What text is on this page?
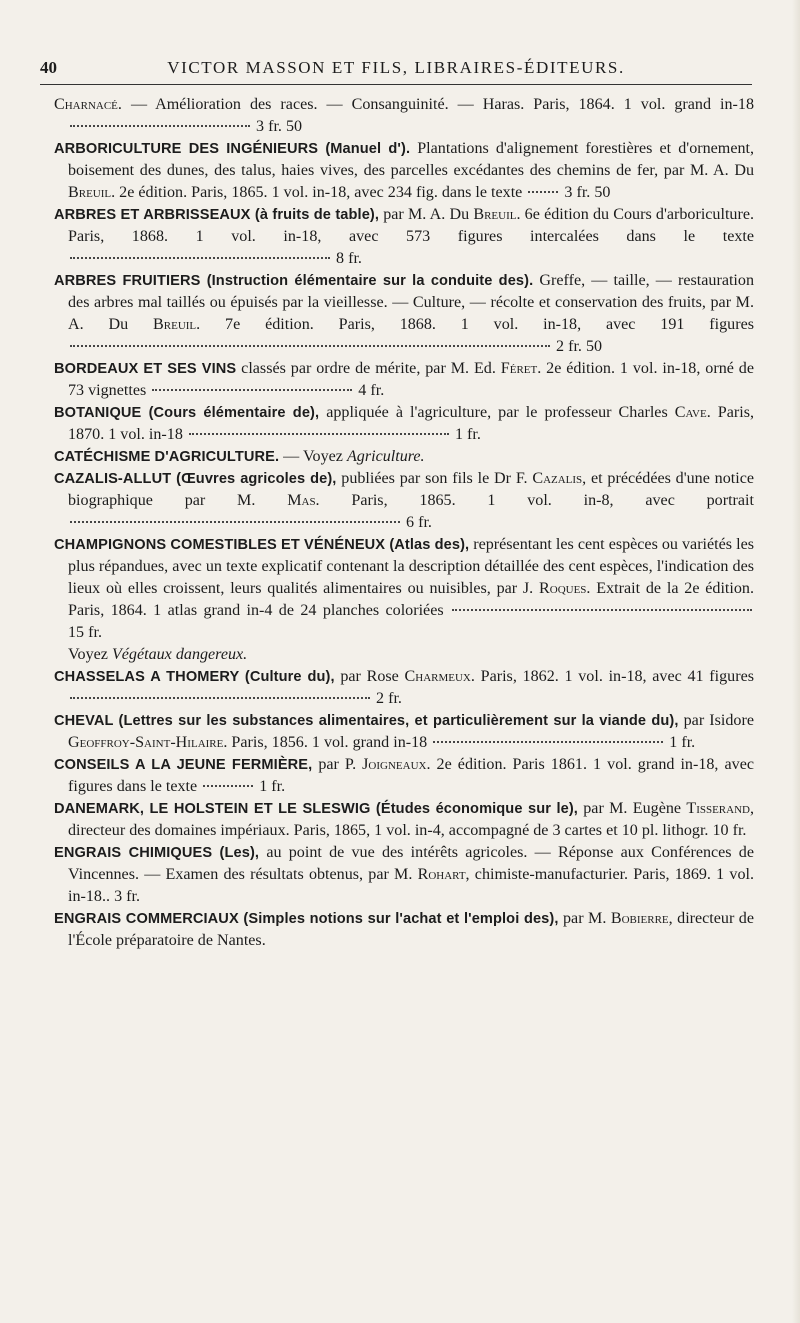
40	VICTOR MASSON ET FILS, LIBRAIRES-ÉDITEURS.

Charnacé. — Amélioration des races. — Consanguinité. — Haras. Paris, 1864. 1 vol. grand in-18  3 fr. 50

ARBORICULTURE DES INGÉNIEURS (Manuel d'). Plantations d'alignement forestières et d'ornement, boisement des dunes, des talus, haies vives, des parcelles excédantes des chemins de fer, par M. A. Du Breuil. 2e édition. Paris, 1865. 1 vol. in-18, avec 234 fig. dans le texte	3 fr. 50

ARBRES ET ARBRISSEAUX (à fruits de table), par M. A. Du Breuil. 6e édition du Cours d'arboriculture. Paris, 1868. 1 vol. in-18, avec 573 figures intercalées dans le texte  8 fr.

ARBRES FRUITIERS (Instruction élémentaire sur la conduite des). Greffe, — taille, — restauration des arbres mal taillés ou épuisés par la vieillesse. — Culture, — récolte et conservation des fruits, par M. A. Du Breuil. 7e édition. Paris, 1868. 1 vol. in-18, avec 191 figures  2 fr. 50

BORDEAUX ET SES VINS classés par ordre de mérite, par M. Ed. Féret. 2e édition. 1 vol. in-18, orné de 73 vignettes	4 fr.

BOTANIQUE (Cours élémentaire de), appliquée à l'agriculture, par le professeur Charles Cave. Paris, 1870. 1 vol. in-18	1 fr.

CATÉCHISME D'AGRICULTURE. — Voyez Agriculture.

CAZALIS-ALLUT (Œuvres agricoles de), publiées par son fils le Dr F. Cazalis, et précédées d'une notice biographique par M. Mas. Paris, 1865. 1 vol. in-8, avec portrait  6 fr.

CHAMPIGNONS COMESTIBLES ET VÉNÉNEUX (Atlas des), représentant les cent espèces ou variétés les plus répandues, avec un texte explicatif contenant la description détaillée des cent espèces, l'indication des lieux où elles croissent, leurs qualités alimentaires ou nuisibles, par J. Roques. Extrait de la 2e édition. Paris, 1864. 1 atlas grand in-4 de 24 planches coloriées  15 fr.
Voyez Végétaux dangereux.

CHASSELAS A THOMERY (Culture du), par Rose Charmeux. Paris, 1862. 1 vol. in-18, avec 41 figures  2 fr.

CHEVAL (Lettres sur les substances alimentaires, et particulièrement sur la viande du), par Isidore Geoffroy-Saint-Hilaire. Paris, 1856. 1 vol. grand in-18	1 fr.

CONSEILS A LA JEUNE FERMIÈRE, par P. Joigneaux. 2e édition. Paris 1861. 1 vol. grand in-18, avec figures dans le texte	1 fr.

DANEMARK, LE HOLSTEIN ET LE SLESWIG (Études économique sur le), par M. Eugène Tisserand, directeur des domaines impériaux. Paris, 1865, 1 vol. in-4, accompagné de 3 cartes et 10 pl. lithogr. 10 fr.

ENGRAIS CHIMIQUES (Les), au point de vue des intérêts agricoles. — Réponse aux Conférences de Vincennes. — Examen des résultats obtenus, par M. Rohart, chimiste-manufacturier. Paris, 1869. 1 vol. in-18.. 3 fr.

ENGRAIS COMMERCIAUX (Simples notions sur l'achat et l'emploi des), par M. Bobierre, directeur de l'École préparatoire de Nantes.
